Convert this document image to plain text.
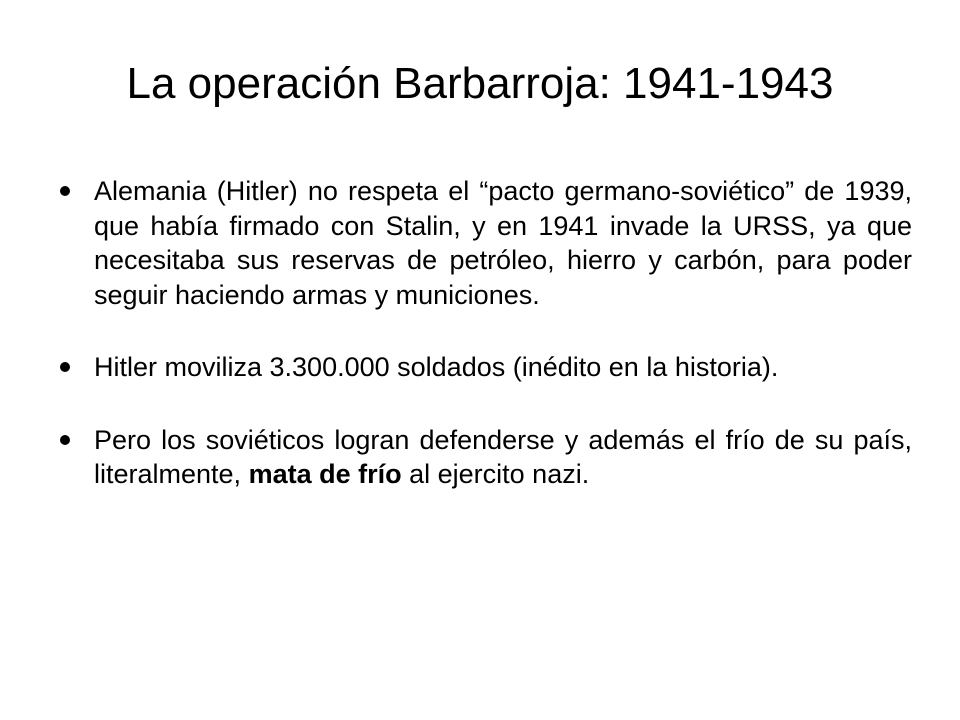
La operación Barbarroja: 1941-1943
Alemania (Hitler) no respeta el “pacto germano-soviético” de 1939, que había firmado con Stalin, y en 1941 invade la URSS, ya que necesitaba sus reservas de petróleo, hierro y carbón, para poder seguir haciendo armas y municiones.
Hitler moviliza 3.300.000 soldados (inédito en la historia).
Pero los soviéticos logran defenderse y además el frío de su país, literalmente, mata de frío al ejercito nazi.
